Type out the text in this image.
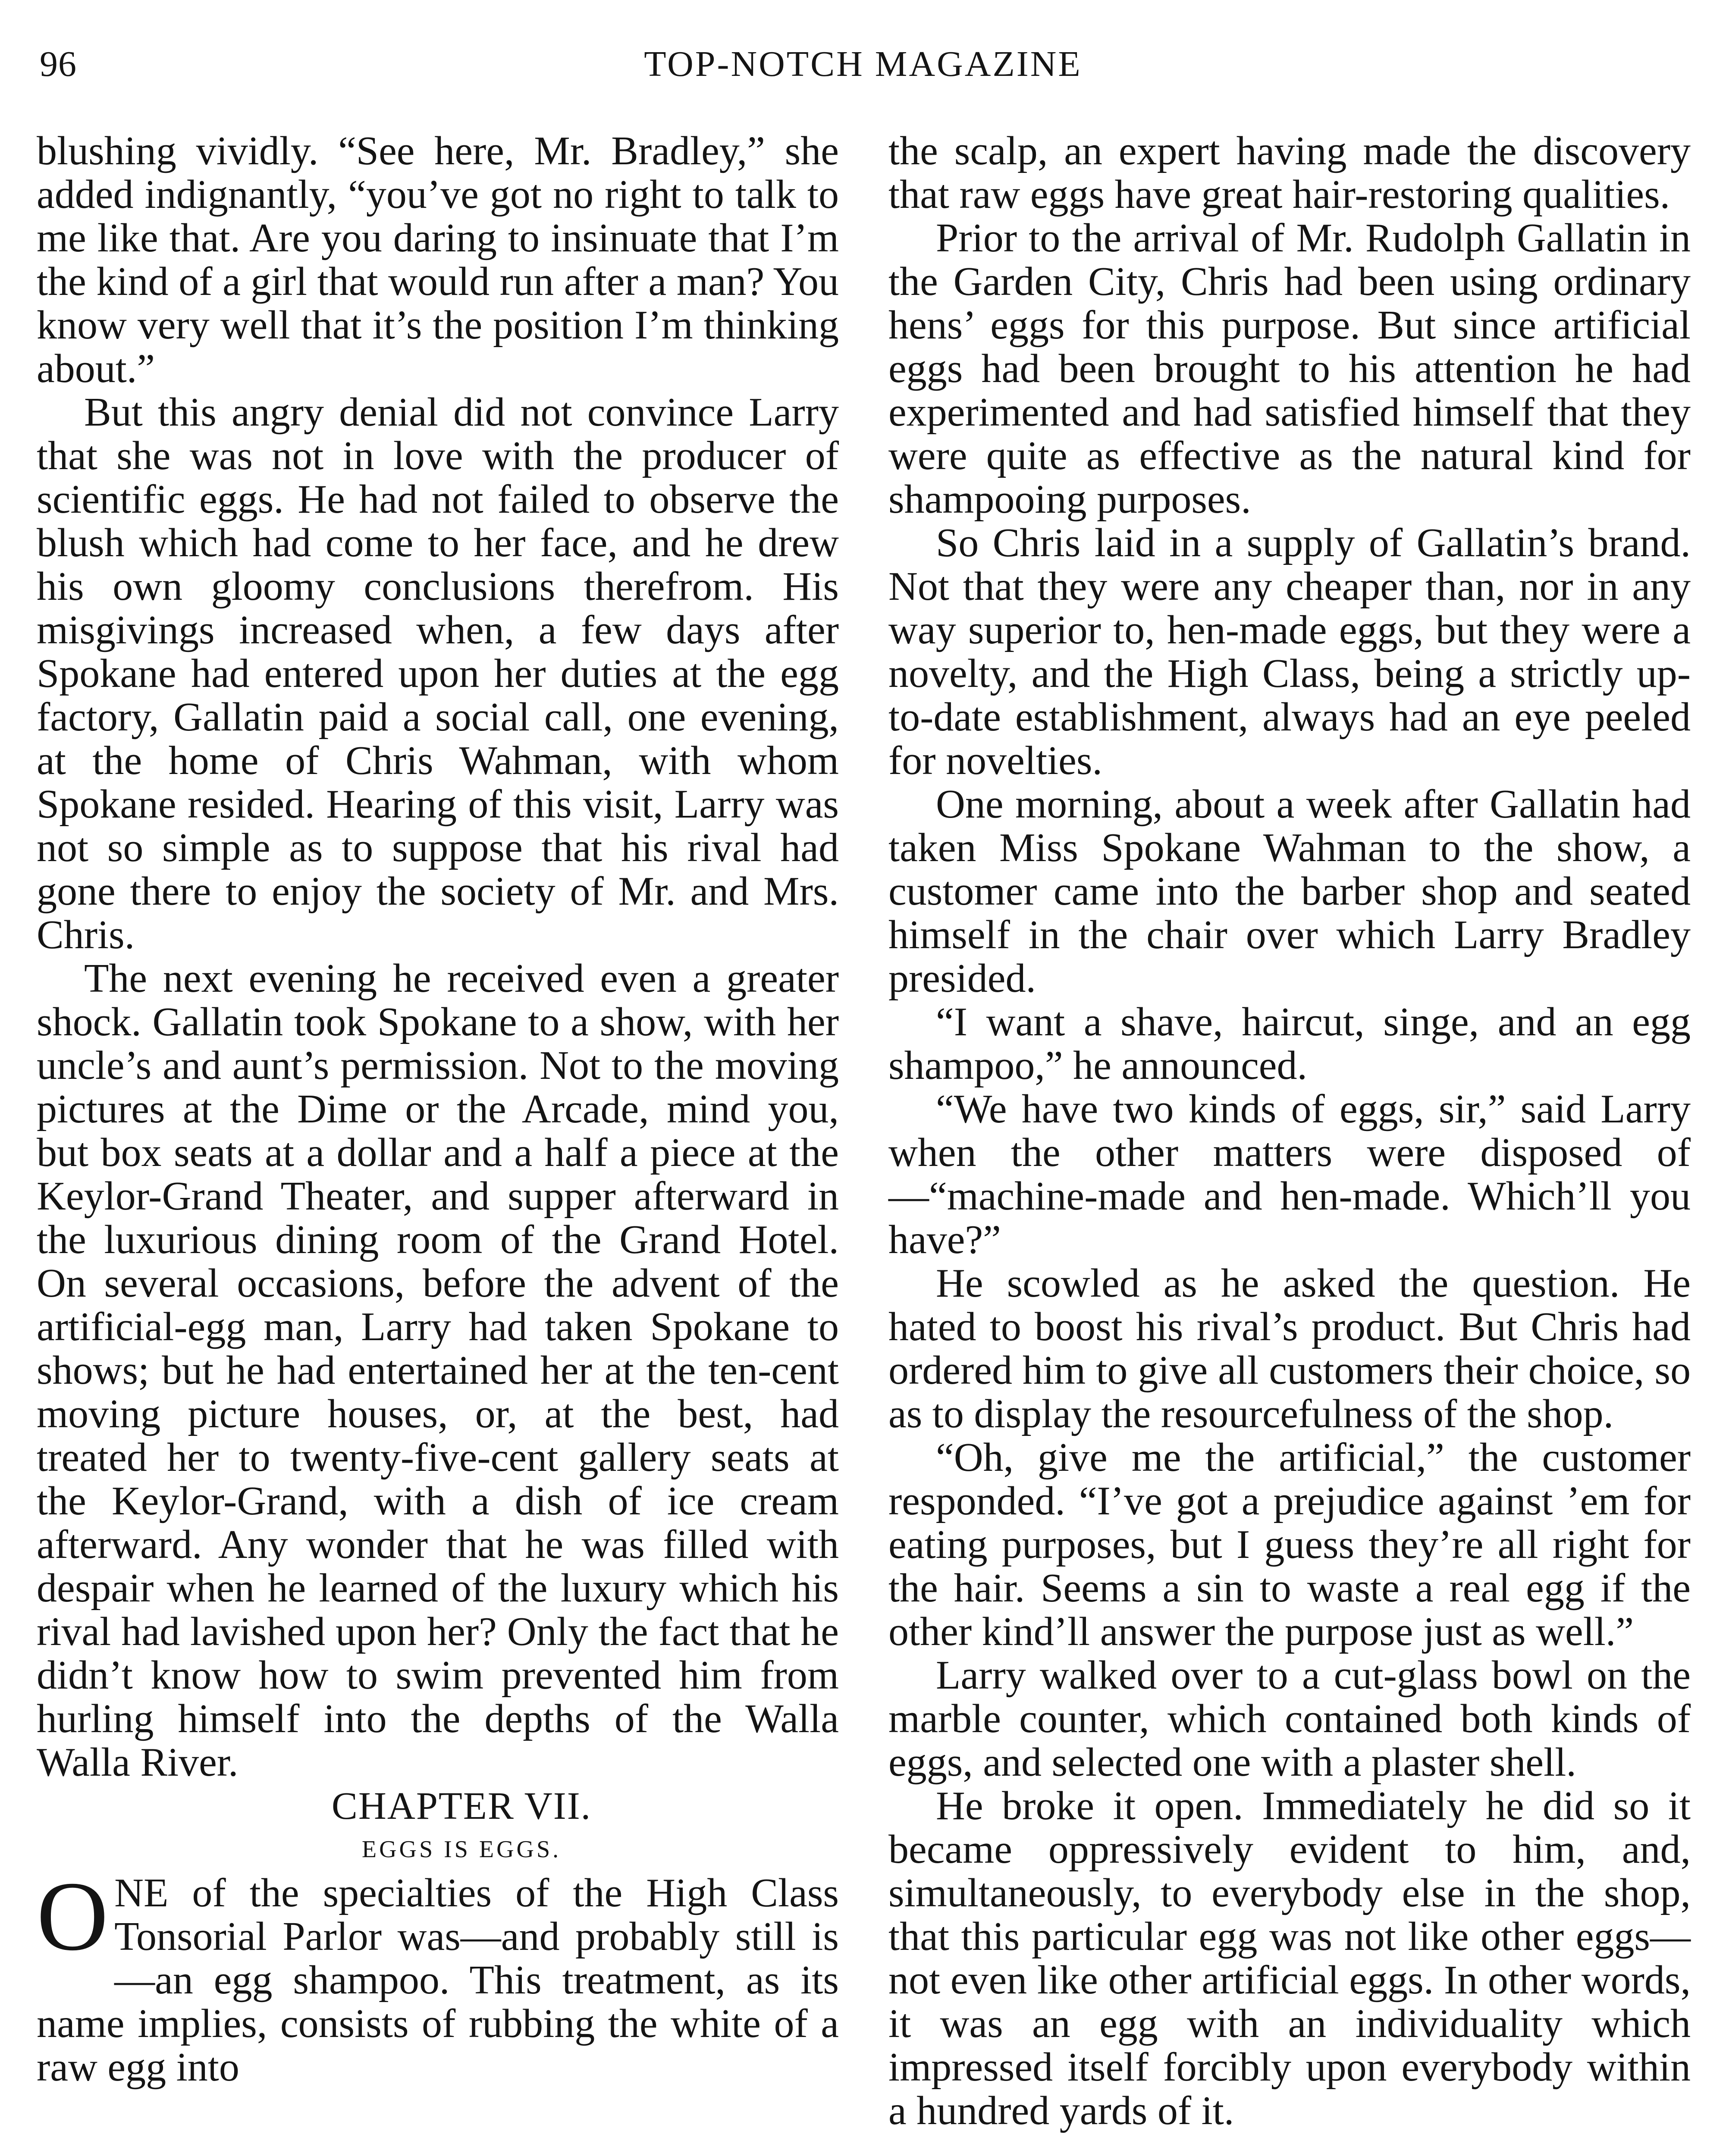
96	TOP-NOTCH MAGAZINE

blushing vividly. “See here, Mr. Bradley,” she added indignantly, “you’ve got no right to talk to me like that. Are you daring to insinuate that I’m the kind of a girl that would run after a man? You know very well that it’s the position I’m thinking about.”

But this angry denial did not convince Larry that she was not in love with the producer of scientific eggs. He had not failed to observe the blush which had come to her face, and he drew his own gloomy conclusions therefrom. His misgivings increased when, a few days after Spokane had entered upon her duties at the egg factory, Gallatin paid a social call, one evening, at the home of Chris Wahman, with whom Spokane resided. Hearing of this visit, Larry was not so simple as to suppose that his rival had gone there to enjoy the society of Mr. and Mrs. Chris.

The next evening he received even a greater shock. Gallatin took Spokane to a show, with her uncle’s and aunt’s permission. Not to the moving pictures at the Dime or the Arcade, mind you, but box seats at a dollar and a half a piece at the Keylor-Grand Theater, and supper afterward in the luxurious dining room of the Grand Hotel. On several occasions, before the advent of the artificial-egg man, Larry had taken Spokane to shows; but he had entertained her at the ten-cent moving picture houses, or, at the best, had treated her to twenty-five-cent gallery seats at the Keylor-Grand, with a dish of ice cream afterward. Any wonder that he was filled with despair when he learned of the luxury which his rival had lavished upon her? Only the fact that he didn’t know how to swim prevented him from hurling himself into the depths of the Walla Walla River.

CHAPTER VII.

EGGS IS EGGS.

ONE of the specialties of the High Class Tonsorial Parlor was—and probably still is—an egg shampoo. This treatment, as its name implies, consists of rubbing the white of a raw egg into

the scalp, an expert having made the discovery that raw eggs have great hair-restoring qualities.

Prior to the arrival of Mr. Rudolph Gallatin in the Garden City, Chris had been using ordinary hens’ eggs for this purpose. But since artificial eggs had been brought to his attention he had experimented and had satisfied himself that they were quite as effective as the natural kind for shampooing purposes.

So Chris laid in a supply of Gallatin’s brand. Not that they were any cheaper than, nor in any way superior to, hen-made eggs, but they were a novelty, and the High Class, being a strictly up-to-date establishment, always had an eye peeled for novelties.

One morning, about a week after Gallatin had taken Miss Spokane Wahman to the show, a customer came into the barber shop and seated himself in the chair over which Larry Bradley presided.

“I want a shave, haircut, singe, and an egg shampoo,” he announced.

“We have two kinds of eggs, sir,” said Larry when the other matters were disposed of—“machine-made and hen-made. Which’ll you have?”

He scowled as he asked the question. He hated to boost his rival’s product. But Chris had ordered him to give all customers their choice, so as to display the resourcefulness of the shop.

“Oh, give me the artificial,” the customer responded. “I’ve got a prejudice against ’em for eating purposes, but I guess they’re all right for the hair. Seems a sin to waste a real egg if the other kind’ll answer the purpose just as well.”

Larry walked over to a cut-glass bowl on the marble counter, which contained both kinds of eggs, and selected one with a plaster shell.

He broke it open. Immediately he did so it became oppressively evident to him, and, simultaneously, to everybody else in the shop, that this particular egg was not like other eggs—not even like other artificial eggs. In other words, it was an egg with an individuality which impressed itself forcibly upon everybody within a hundred yards of it.
